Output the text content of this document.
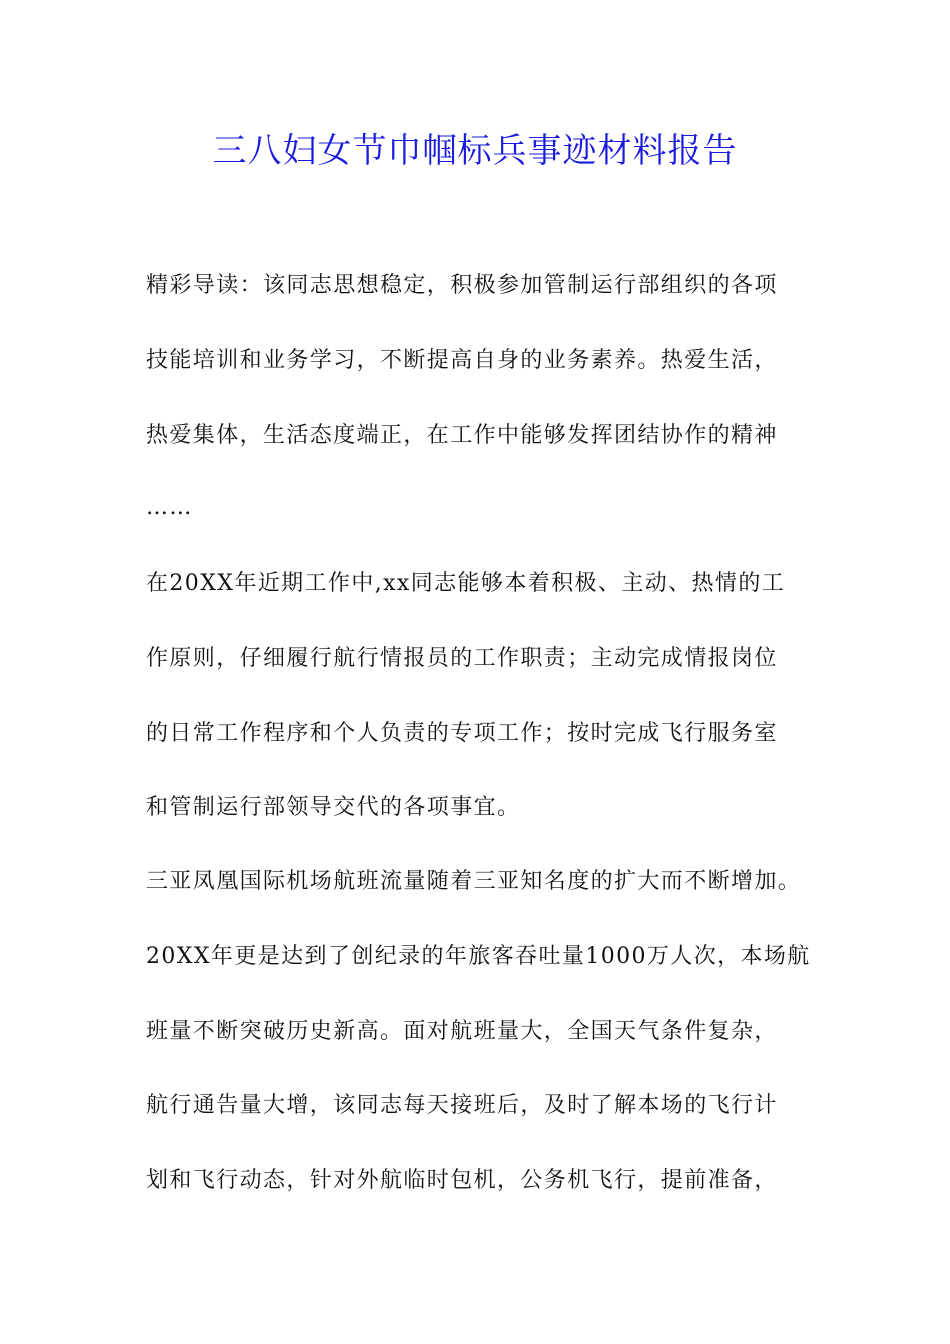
三八妇女节巾帼标兵事迹材料报告
精彩导读：该同志思想稳定，积极参加管制运行部组织的各项
技能培训和业务学习，不断提高自身的业务素养。热爱生活，
热爱集体，生活态度端正，在工作中能够发挥团结协作的精神
……
在20XX年近期工作中,xx同志能够本着积极、主动、热情的工
作原则，仔细履行航行情报员的工作职责；主动完成情报岗位
的日常工作程序和个人负责的专项工作；按时完成飞行服务室
和管制运行部领导交代的各项事宜。
三亚凤凰国际机场航班流量随着三亚知名度的扩大而不断增加。
20XX年更是达到了创纪录的年旅客吞吐量1000万人次，本场航
班量不断突破历史新高。面对航班量大，全国天气条件复杂，
航行通告量大增，该同志每天接班后，及时了解本场的飞行计
划和飞行动态，针对外航临时包机，公务机飞行，提前准备，
